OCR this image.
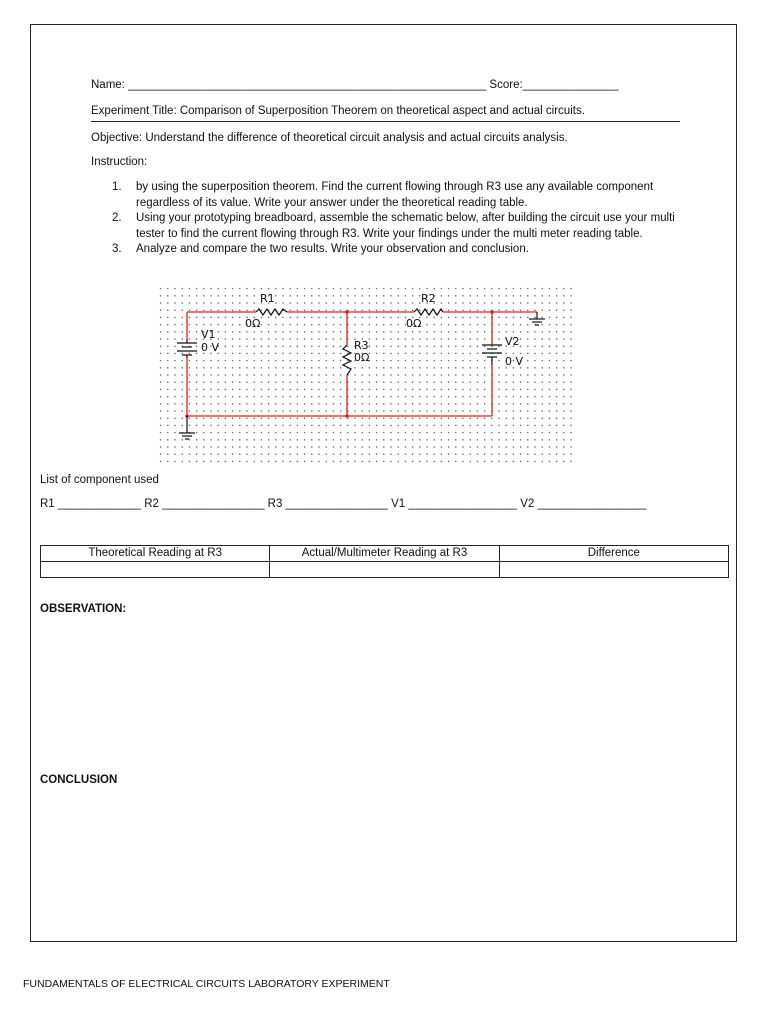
Name: ________________________________________________________ Score:_______________
Experiment Title: Comparison of Superposition Theorem on theoretical aspect and actual circuits.
Objective: Understand the difference of theoretical circuit analysis and actual circuits analysis.
Instruction:
1. by using the superposition theorem. Find the current flowing through R3 use any available component regardless of its value. Write your answer under the theoretical reading table.
2. Using your prototyping breadboard, assemble the schematic below, after building the circuit use your multi tester to find the current flowing through R3. Write your findings under the multi meter reading table.
3. Analyze and compare the two results. Write your observation and conclusion.
R1
0Ω
R2
0Ω
R3
0Ω
V1
0 V	V2
0 V
List of component used
R1 _____________ R2 ________________ R3 ________________ V1 _________________ V2 _________________
Theoretical Reading at R3	Actual/Multimeter Reading at R3	Difference

OBSERVATION:
CONCLUSION
FUNDAMENTALS OF ELECTRICAL CIRCUITS LABORATORY EXPERIMENT
